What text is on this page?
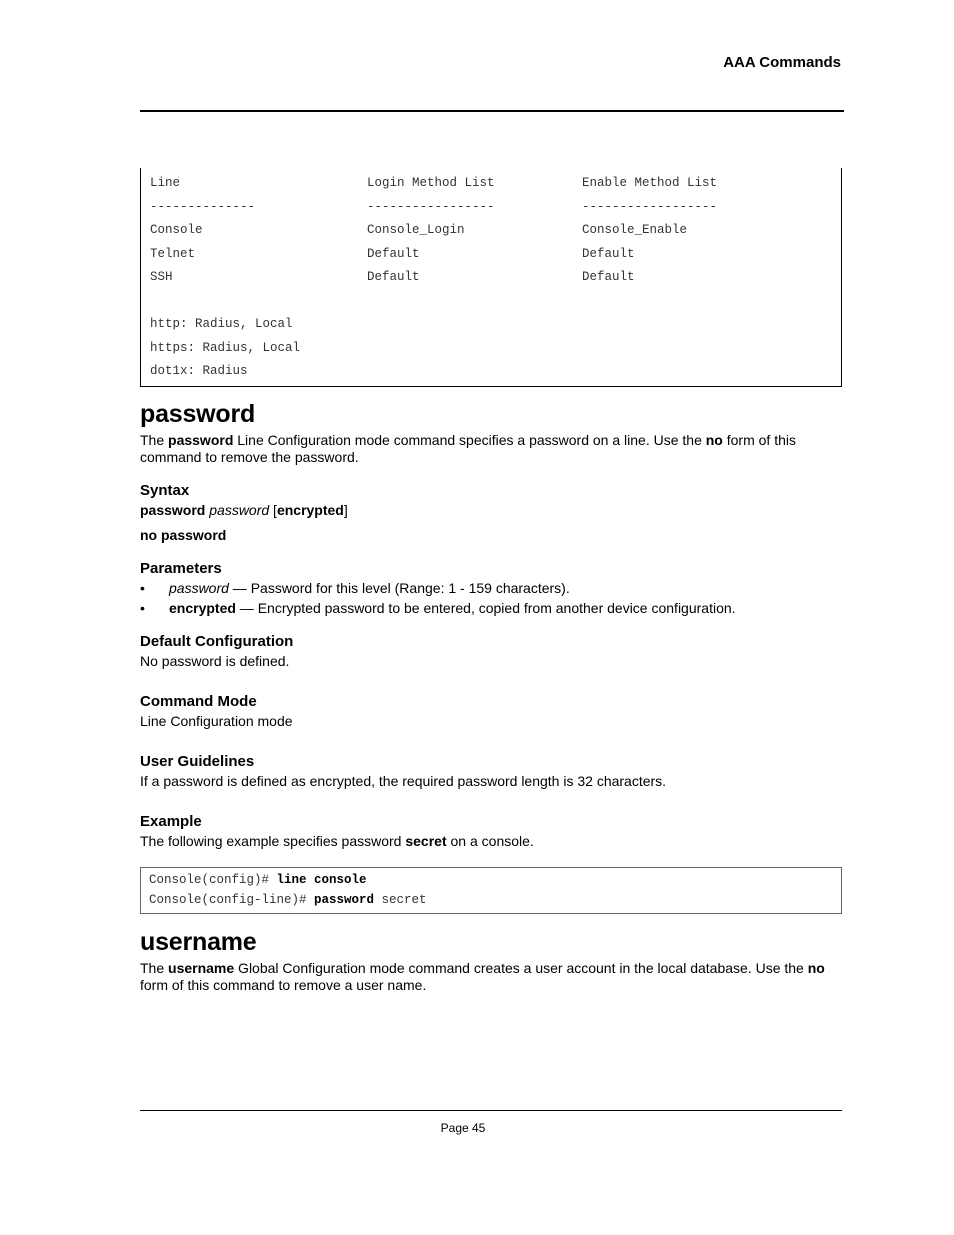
AAA Commands
Line	Login Method List	Enable Method List
--------------	-----------------	------------------
Console	Console_Login	Console_Enable
Telnet	Default	Default
SSH	Default	Default
http: Radius, Local
https: Radius, Local
dot1x: Radius
password

The password Line Configuration mode command specifies a password on a line. Use the no form of this command to remove the password.

Syntax
password password [encrypted]
no password
Parameters
• password — Password for this level (Range: 1 - 159 characters).
• encrypted — Encrypted password to be entered, copied from another device configuration.
Default Configuration

No password is defined.

Command Mode

Line Configuration mode

User Guidelines

If a password is defined as encrypted, the required password length is 32 characters.

Example

The following example specifies password secret on a console.

Console(config)# line console
Console(config-line)# password secret
username

The username Global Configuration mode command creates a user account in the local database. Use the no form of this command to remove a user name.

Page 45
